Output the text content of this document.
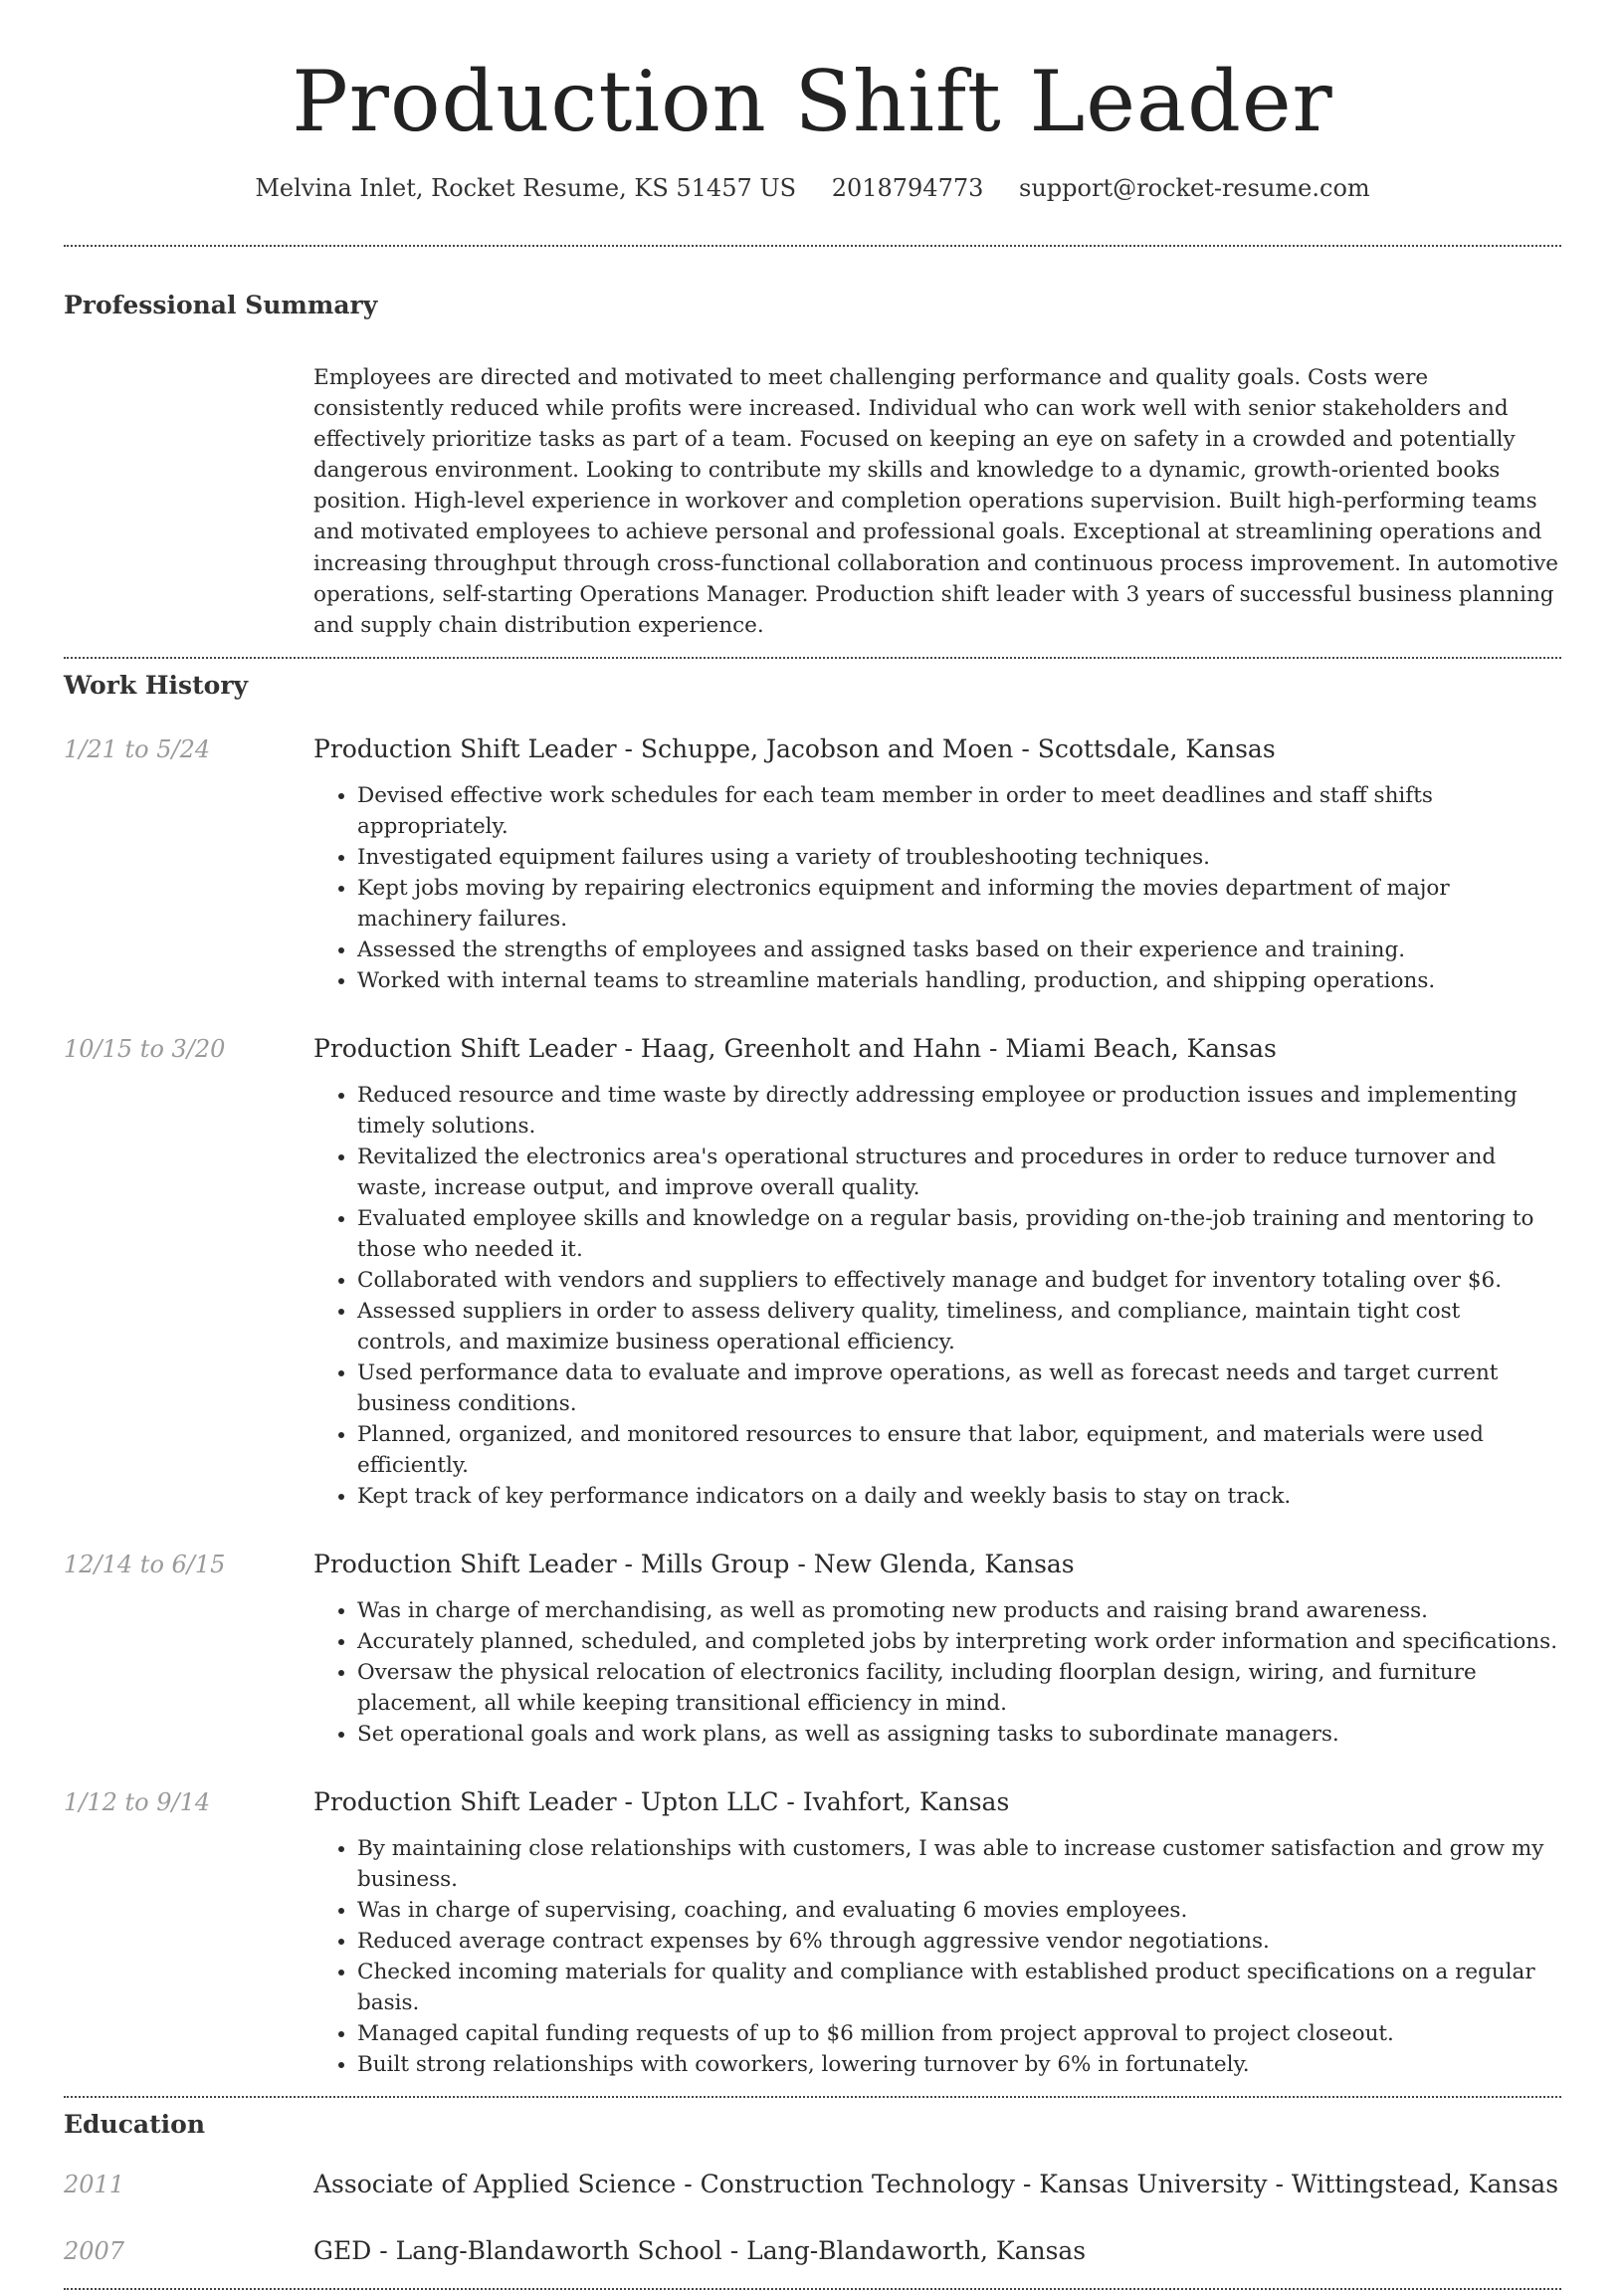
Production Shift Leader
Melvina Inlet, Rocket Resume, KS 51457 US 2018794773 support@rocket-resume.com
Professional Summary

Employees are directed and motivated to meet challenging performance and quality goals. Costs were consistently reduced while profits were increased. Individual who can work well with senior stakeholders and effectively prioritize tasks as part of a team. Focused on keeping an eye on safety in a crowded and potentially dangerous environment. Looking to contribute my skills and knowledge to a dynamic, growth-oriented books position. High-level experience in workover and completion operations supervision. Built high-performing teams and motivated employees to achieve personal and professional goals. Exceptional at streamlining operations and increasing throughput through cross-functional collaboration and continuous process improvement. In automotive operations, self-starting Operations Manager. Production shift leader with 3 years of successful business planning and supply chain distribution experience.

Work History
1/21 to 5/24	Production Shift Leader - Schuppe, Jacobson and Moen - Scottsdale, Kansas
• Devised effective work schedules for each team member in order to meet deadlines and staff shifts appropriately.
• Investigated equipment failures using a variety of troubleshooting techniques.
• Kept jobs moving by repairing electronics equipment and informing the movies department of major machinery failures.
• Assessed the strengths of employees and assigned tasks based on their experience and training.
• Worked with internal teams to streamline materials handling, production, and shipping operations.
10/15 to 3/20	Production Shift Leader - Haag, Greenholt and Hahn - Miami Beach, Kansas
• Reduced resource and time waste by directly addressing employee or production issues and implementing timely solutions.
• Revitalized the electronics area's operational structures and procedures in order to reduce turnover and waste, increase output, and improve overall quality.
• Evaluated employee skills and knowledge on a regular basis, providing on-the-job training and mentoring to those who needed it.
• Collaborated with vendors and suppliers to effectively manage and budget for inventory totaling over $6.
• Assessed suppliers in order to assess delivery quality, timeliness, and compliance, maintain tight cost controls, and maximize business operational efficiency.
• Used performance data to evaluate and improve operations, as well as forecast needs and target current business conditions.
• Planned, organized, and monitored resources to ensure that labor, equipment, and materials were used efficiently.
• Kept track of key performance indicators on a daily and weekly basis to stay on track.
12/14 to 6/15	Production Shift Leader - Mills Group - New Glenda, Kansas
• Was in charge of merchandising, as well as promoting new products and raising brand awareness.
• Accurately planned, scheduled, and completed jobs by interpreting work order information and specifications.
• Oversaw the physical relocation of electronics facility, including floorplan design, wiring, and furniture placement, all while keeping transitional efficiency in mind.
• Set operational goals and work plans, as well as assigning tasks to subordinate managers.
1/12 to 9/14	Production Shift Leader - Upton LLC - Ivahfort, Kansas
• By maintaining close relationships with customers, I was able to increase customer satisfaction and grow my business.
• Was in charge of supervising, coaching, and evaluating 6 movies employees.
• Reduced average contract expenses by 6% through aggressive vendor negotiations.
• Checked incoming materials for quality and compliance with established product specifications on a regular basis.
• Managed capital funding requests of up to $6 million from project approval to project closeout.
• Built strong relationships with coworkers, lowering turnover by 6% in fortunately.
Education
2011	Associate of Applied Science - Construction Technology - Kansas University - Wittingstead, Kansas
2007	GED - Lang-Blandaworth School - Lang-Blandaworth, Kansas
